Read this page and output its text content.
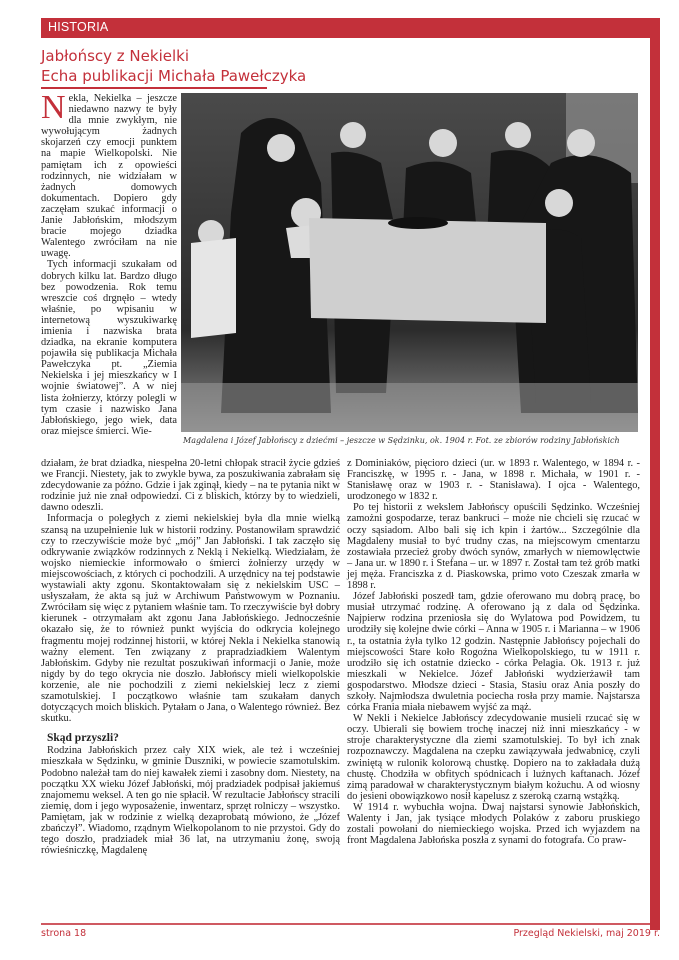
HISTORIA
Jabłońscy z Nekielki
Echa publikacji Michała Pawełczyka
Magdalena i Józef Jabłońscy z dziećmi – jeszcze w Sędzinku, ok. 1904 r. Fot. ze zbiorów rodziny Jabłońskich

Nekla, Nekielka – jeszcze niedawno nazwy te były dla mnie zwykłym, nie wywołującym żadnych skojarzeń czy emocji punktem na mapie Wielkopolski. Nie pamiętam ich z opowieści rodzinnych, nie widziałam w żadnych domowych dokumentach. Dopiero gdy zaczęłam szukać informacji o Janie Jabłońskim, młodszym bracie mojego dziadka Walentego zwróciłam na nie uwagę.

Tych informacji szukałam od dobrych kilku lat. Bardzo długo bez powodzenia. Rok temu wreszcie coś drgnęło – wtedy właśnie, po wpisaniu w internetową wyszukiwarkę imienia i nazwiska brata dziadka, na ekranie komputera pojawiła się publikacja Michała Pawełczyka pt. „Ziemia Nekielska i jej mieszkańcy w I wojnie światowej”. A w niej lista żołnierzy, którzy polegli w tym czasie i nazwisko Jana Jabłońskiego, jego wiek, data oraz miejsce śmierci. Wie-

działam, że brat dziadka, niespełna 20-letni chłopak stracił życie gdzieś we Francji. Niestety, jak to zwykle bywa, za poszukiwania zabrałam się zdecydowanie za późno. Gdzie i jak zginął, kiedy – na te pytania nikt w rodzinie już nie znał odpowiedzi. Ci z bliskich, którzy by to wiedzieli, dawno odeszli.

Informacja o poległych z ziemi nekielskiej była dla mnie wielką szansą na uzupełnienie luk w historii rodziny. Postanowiłam sprawdzić czy to rzeczywiście może być „mój” Jan Jabłoński. I tak zaczęło się odkrywanie związków rodzinnych z Neklą i Nekielką. Wiedziałam, że wojsko niemieckie informowało o śmierci żołnierzy urzędy w miejscowościach, z których ci pochodzili. A urzędnicy na tej podstawie wystawiali akty zgonu. Skontaktowałam się z nekielskim USC – usłyszałam, że akta są już w Archiwum Państwowym w Poznaniu. Zwróciłam się więc z pytaniem właśnie tam. To rzeczywiście był dobry kierunek - otrzymałam akt zgonu Jana Jabłońskiego. Jednocześnie okazało się, że to również punkt wyjścia do odkrycia kolejnego fragmentu mojej rodzinnej historii, w której Nekla i Nekielka stanowią ważny element. Ten związany z prapradziadkiem Walentym Jabłońskim. Gdyby nie rezultat poszukiwań informacji o Janie, może nigdy by do tego okrycia nie doszło. Jabłońscy mieli wielkopolskie korzenie, ale nie pochodzili z ziemi nekielskiej lecz z ziemi szamotulskiej. I początkowo właśnie tam szukałam danych dotyczących moich bliskich. Pytałam o Jana, o Walentego również. Bez skutku.

Skąd przyszli?

Rodzina Jabłońskich przez cały XIX wiek, ale też i wcześniej mieszkała w Sędzinku, w gminie Duszniki, w powiecie szamotulskim. Podobno należał tam do niej kawałek ziemi i zasobny dom. Niestety, na początku XX wieku Józef Jabłoński, mój pradziadek podpisał jakiemuś znajomemu weksel. A ten go nie spłacił. W rezultacie Jabłońscy stracili ziemię, dom i jego wyposażenie, inwentarz, sprzęt rolniczy – wszystko. Pamiętam, jak w rodzinie z wielką dezaprobatą mówiono, że „Józef zbańczył”. Wiadomo, rządnym Wielkopolanom to nie przystoi. Gdy do tego doszło, pradziadek miał 36 lat, na utrzymaniu żonę, swoją rówieśniczkę, Magdalenę

z Dominiaków, pięcioro dzieci (ur. w 1893 r. Walentego, w 1894 r. - Franciszkę, w 1995 r. - Jana, w 1898 r. Michała, w 1901 r. - Stanisławę oraz w 1903 r. - Stanisława). I ojca - Walentego, urodzonego w 1832 r.

Po tej historii z wekslem Jabłońscy opuścili Sędzinko. Wcześniej zamożni gospodarze, teraz bankruci – może nie chcieli się rzucać w oczy sąsiadom. Albo bali się ich kpin i żartów... Szczególnie dla Magdaleny musiał to być trudny czas, na miejscowym cmentarzu zostawiała przecież groby dwóch synów, zmarłych w niemowlęctwie – Jana ur. w 1890 r. i Stefana – ur. w 1897 r. Został tam też grób matki jej męża. Franciszka z d. Piaskowska, primo voto Czeszak zmarła w 1898 r.

Józef Jabłoński poszedł tam, gdzie oferowano mu dobrą pracę, bo musiał utrzymać rodzinę. A oferowano ją z dala od Sędzinka. Najpierw rodzina przeniosła się do Wylatowa pod Powidzem, tu urodziły się kolejne dwie córki – Anna w 1905 r. i Marianna – w 1906 r., ta ostatnia żyła tylko 12 godzin. Następnie Jabłońscy pojechali do miejscowości Stare koło Rogoźna Wielkopolskiego, tu w 1911 r. urodziło się ich ostatnie dziecko - córka Pelagia. Ok. 1913 r. już mieszkali w Nekielce. Józef Jabłoński wydzierżawił tam gospodarstwo. Młodsze dzieci - Stasia, Stasiu oraz Ania poszły do szkoły. Najmłodsza dwuletnia pociecha rosła przy mamie. Najstarsza córka Frania miała niebawem wyjść za mąż.

W Nekli i Nekielce Jabłońscy zdecydowanie musieli rzucać się w oczy. Ubierali się bowiem trochę inaczej niż inni mieszkańcy - w stroje charakterystyczne dla ziemi szamotulskiej. To był ich znak rozpoznawczy. Magdalena na czepku zawiązywała jedwabnicę, czyli zwiniętą w rulonik kolorową chustkę. Dopiero na to zakładała dużą chustę. Chodziła w obfitych spódnicach i luźnych kaftanach. Józef zimą paradował w charakterystycznym białym kożuchu. A od wiosny do jesieni obowiązkowo nosił kapelusz z szeroką czarną wstążką.

W 1914 r. wybuchła wojna. Dwaj najstarsi synowie Jabłońskich, Walenty i Jan, jak tysiące młodych Polaków z zaboru pruskiego zostali powołani do niemieckiego wojska. Przed ich wyjazdem na front Magdalena Jabłońska poszła z synami do fotografa. Co praw-

strona 18	Przegląd Nekielski, maj 2019 r.
